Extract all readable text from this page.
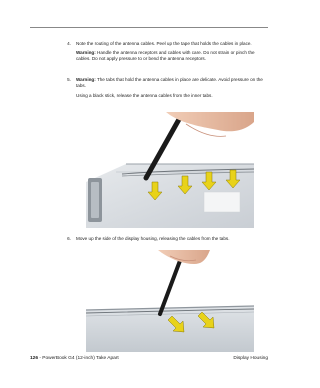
4. Note the routing of the antenna cables. Peel up the tape that holds the cables in place.

Warning: Handle the antenna receptors and cables with care. Do not strain or pinch the cables. Do not apply pressure to or bend the antenna receptors.

5. Warning: The tabs that hold the antenna cables in place are delicate. Avoid pressure on the tabs.

Using a black stick, release the antenna cables from the inner tabs.

6. Move up the side of the display housing, releasing the cables from the tabs.

126 - PowerBook G4 (12-inch) Take Apart	Display Housing
